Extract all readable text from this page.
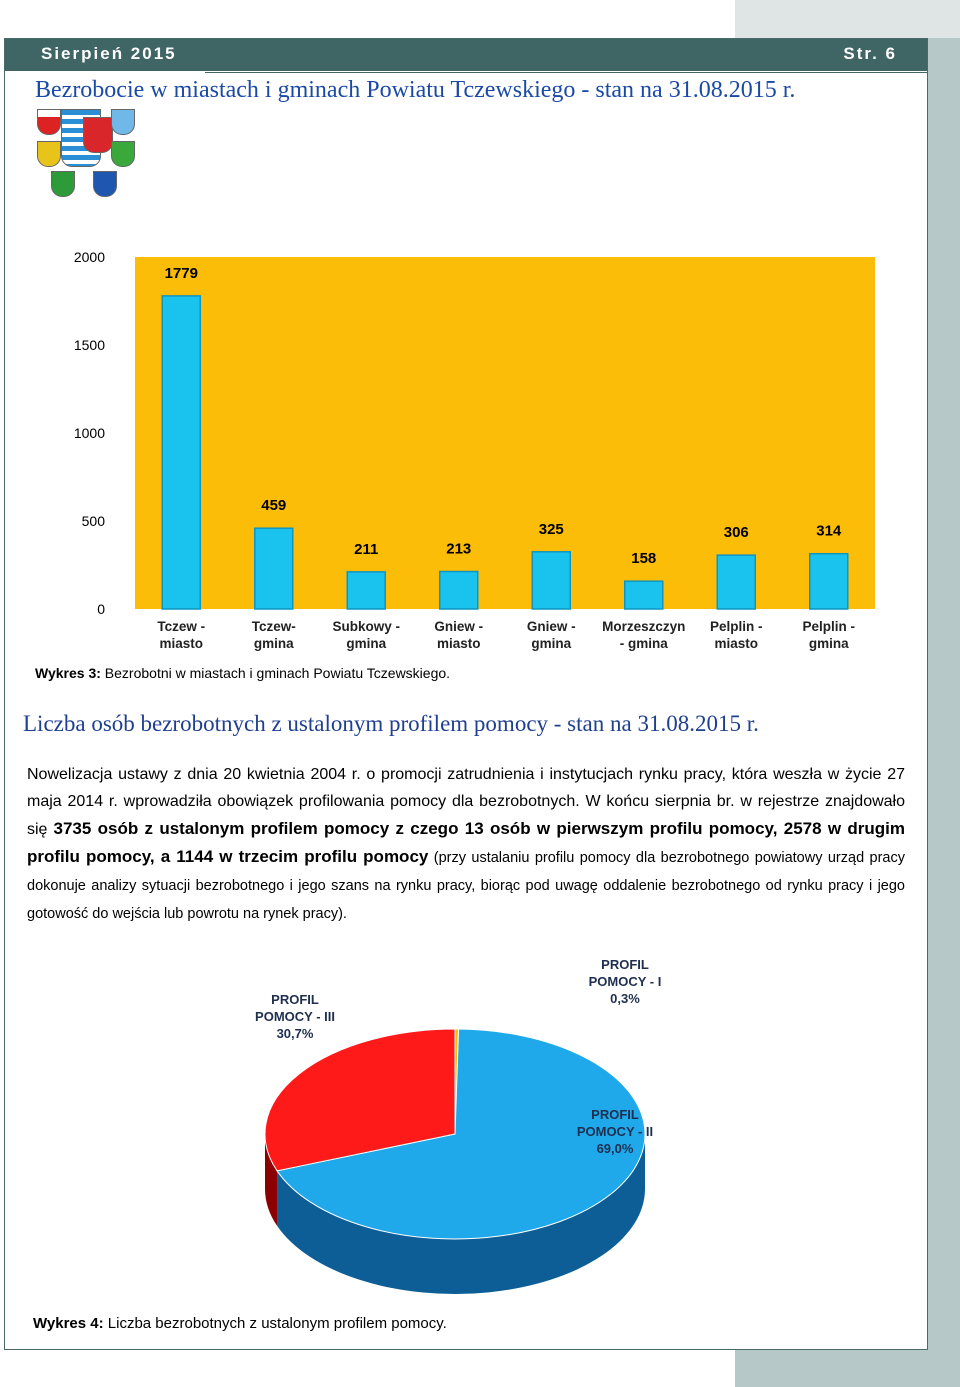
Sierpień 2015	Str. 6
Bezrobocie w miastach i gminach Powiatu Tczewskiego - stan na 31.08.2015 r.
0
500
1000
1500
2000
1779
Tczew -
miasto
459
Tczew-
gmina
211
Subkowy -
gmina
213
Gniew -
miasto
325
Gniew -
gmina
158
Morzeszczyn
- gmina
306
Pelplin -
miasto
314
Pelplin -
gmina
Wykres 3: Bezrobotni w miastach i gminach Powiatu Tczewskiego.
Liczba osób bezrobotnych z ustalonym profilem pomocy - stan na 31.08.2015 r.
Nowelizacja ustawy z dnia 20 kwietnia 2004 r. o promocji zatrudnienia i instytucjach rynku pracy, która weszła w życie 27 maja 2014 r. wprowadziła obowiązek profilowania pomocy dla bezrobotnych. W końcu sierpnia br. w rejestrze znajdowało się 3735 osób z ustalonym profilem pomocy z czego 13 osób w pierwszym profilu pomocy, 2578 w drugim profilu pomocy, a 1144 w trzecim profilu pomocy (przy ustalaniu profilu pomocy dla bezrobotnego powiatowy urząd pracy dokonuje analizy sytuacji bezrobotnego i jego szans na rynku pracy, biorąc pod uwagę oddalenie bezrobotnego od rynku pracy i jego gotowość do wejścia lub powrotu na rynek pracy).
PROFIL
POMOCY - I
0,3%
PROFIL
POMOCY - II
69,0%
PROFIL
POMOCY - III
30,7%
Wykres 4: Liczba bezrobotnych z ustalonym profilem pomocy.
